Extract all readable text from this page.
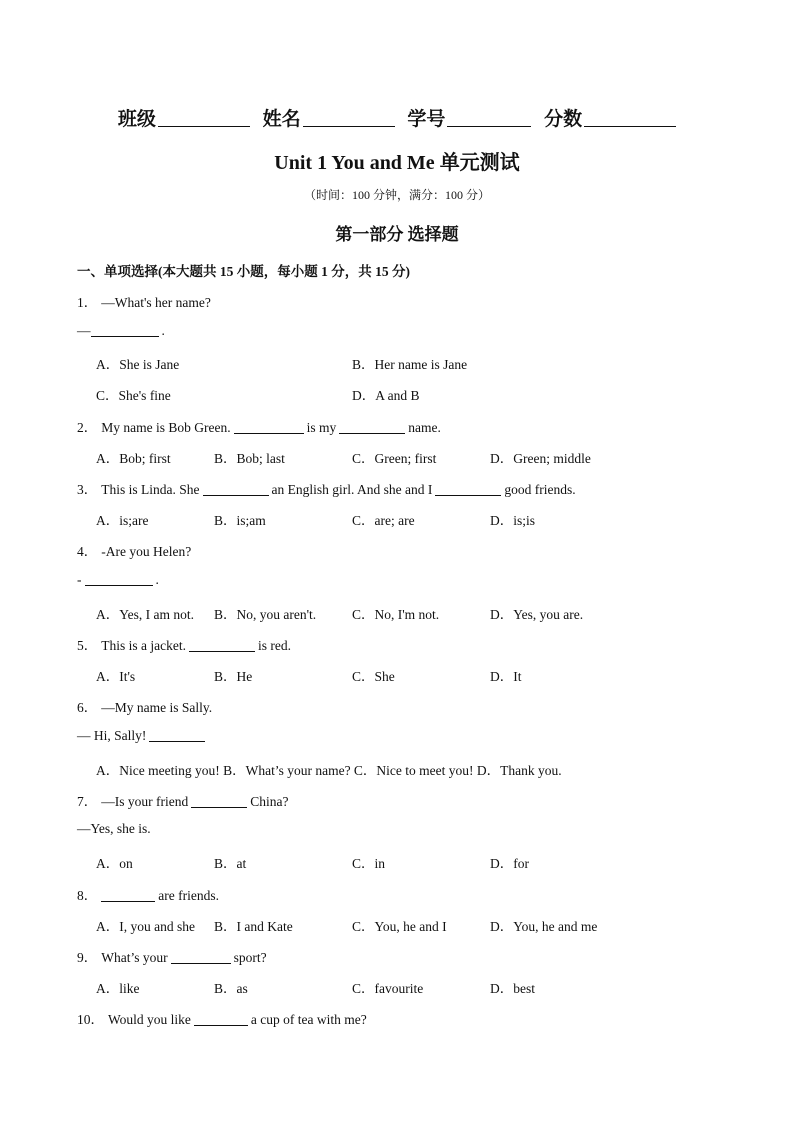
班级	姓名	学号	分数
Unit 1 You and Me 单元测试
（时间：100 分钟，满分：100 分）
第一部分 选择题
一、单项选择(本大题共 15 小题，每小题 1 分，共 15 分)
1． —What's her name?
—	.
A．She is Jane	B．Her name is Jane
C．She's fine	D．A and B
2． My name is Bob Green.	is my	name.
A．Bob; first	B．Bob; last	C．Green; first	D．Green; middle
3． This is Linda. She	an English girl. And she and I	good friends.
A．is;are	B．is;am	C．are; are	D．is;is
4． -Are you Helen?
-	.
A．Yes, I am not. B．No, you aren't.	C．No, I'm not.	D．Yes, you are.
5． This is a jacket.	is red.
A．It's	B．He	C．She	D．It
6． —My name is Sally.
— Hi, Sally!
A．Nice meeting you! B．What’s your name? C．Nice to meet you! D．Thank you.
7． —Is your friend	China?
—Yes, she is.
A．on	B．at	C．in	D．for
8．	are friends.
A．I, you and she B．I and Kate	C．You, he and I	D．You, he and me
9． What’s your	sport?
A．like	B．as	C．favourite	D．best
10． Would you like	a cup of tea with me?
